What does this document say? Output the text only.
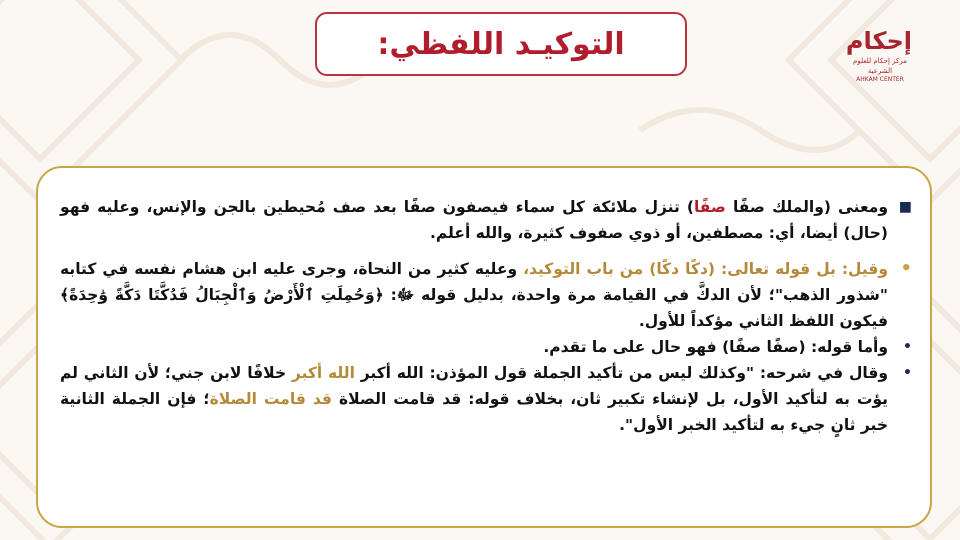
التوكيـد اللفظي:	إحكام
مركز إحكام للعلوم الشرعية
AHKAM CENTER
■
ومعنى (والملك صفًا صفًا) تنزل ملائكة كل سماء فيصفون صفًا بعد صف مُحيطين بالجن والإنس، وعليه فهو (حال) أيضا، أي: مصطفين، أو ذوي صفوف كثيرة، والله أعلم.
•
وقيل: بل قوله تعالى: (دكًا دكًا) من باب التوكيد، وعليه كثير من النحاة، وجرى عليه ابن هشام نفسه في كتابه "شذور الذهب"؛ لأن الدكَّ في القيامة مرة واحدة، بدليل قوله ﷻ: ﴿وَحُمِلَتِ ٱلْأَرْضُ وَٱلْجِبَالُ فَدُكَّتَا دَكَّةً وَٰحِدَةً﴾ فيكون اللفظ الثاني مؤكداً للأول.
•
وأما قوله: (صفًا صفًا) فهو حال على ما تقدم.
•
وقال في شرحه: "وكذلك ليس من تأكيد الجملة قول المؤذن: الله أكبر الله أكبر خلافًا لابن جني؛ لأن الثاني لم يؤت به لتأكيد الأول، بل لإنشاء تكبير ثان، بخلاف قوله: قد قامت الصلاة قد قامت الصلاة؛ فإن الجملة الثانية خبر ثانٍ جيء به لتأكيد الخبر الأول".
